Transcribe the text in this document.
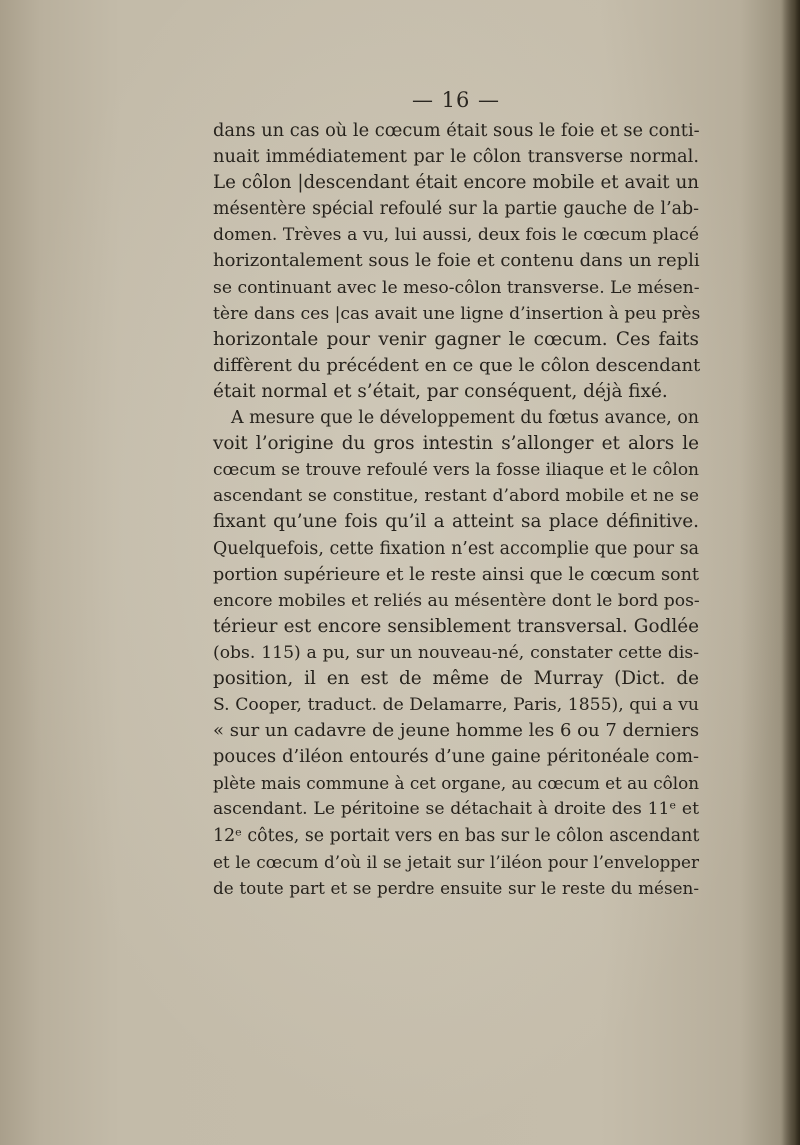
— 16 —
dans un cas où le cœcum était sous le foie et se conti-
nuait immédiatement par le côlon transverse normal.
Le côlon |descendant était encore mobile et avait un
mésentère spécial refoulé sur la partie gauche de l’ab-
domen. Trèves a vu, lui aussi, deux fois le cœcum placé
horizontalement sous le foie et contenu dans un repli
se continuant avec le meso-côlon transverse. Le mésen-
tère dans ces |cas avait une ligne d’insertion à peu près
horizontale pour venir gagner le cœcum. Ces faits
diffèrent du précédent en ce que le côlon descendant
était normal et s’était, par conséquent, déjà fixé.
A mesure que le développement du fœtus avance, on
voit l’origine du gros intestin s’allonger et alors le
cœcum se trouve refoulé vers la fosse iliaque et le côlon
ascendant se constitue, restant d’abord mobile et ne se
fixant qu’une fois qu’il a atteint sa place définitive.
Quelquefois, cette fixation n’est accomplie que pour sa
portion supérieure et le reste ainsi que le cœcum sont
encore mobiles et reliés au mésentère dont le bord pos-
térieur est encore sensiblement transversal. Godlée
(obs. 115) a pu, sur un nouveau-né, constater cette dis-
position, il en est de même de Murray (Dict. de
S. Cooper, traduct. de Delamarre, Paris, 1855), qui a vu
« sur un cadavre de jeune homme les 6 ou 7 derniers
pouces d’iléon entourés d’une gaine péritonéale com-
plète mais commune à cet organe, au cœcum et au côlon
ascendant. Le péritoine se détachait à droite des 11ᵉ et
12ᵉ côtes, se portait vers en bas sur le côlon ascendant
et le cœcum d’où il se jetait sur l’iléon pour l’envelopper
de toute part et se perdre ensuite sur le reste du mésen-
